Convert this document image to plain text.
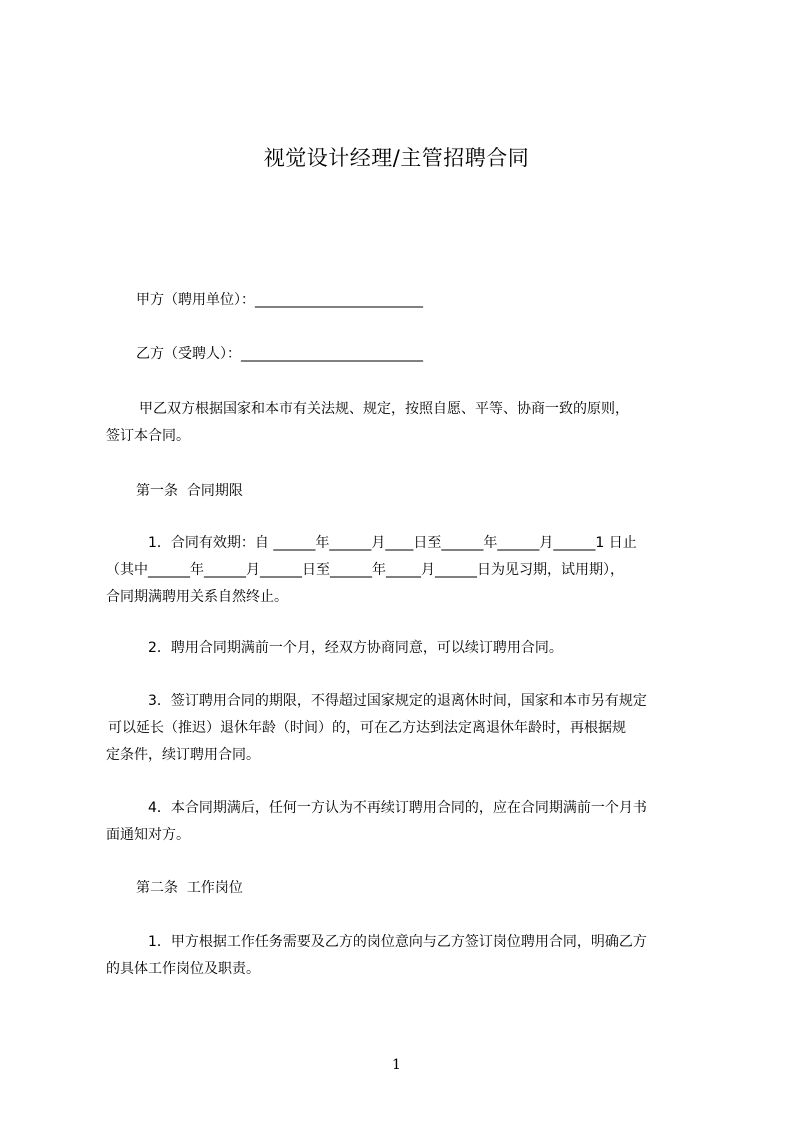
视觉设计经理/主管招聘合同
甲方（聘用单位）：________________________
乙方（受聘人）：__________________________
甲乙双方根据国家和本市有关法规、规定，按照自愿、平等、协商一致的原则，
签订本合同。
第一条  合同期限
1．合同有效期：自 ______年______月____日至______年______月______1 日止
（其中______年______月______日至______年_____月______日为见习期，试用期），
合同期满聘用关系自然终止。
2．聘用合同期满前一个月，经双方协商同意，可以续订聘用合同。
3．签订聘用合同的期限，不得超过国家规定的退离休时间，国家和本市另有规定
可以延长（推迟）退休年龄（时间）的，可在乙方达到法定离退休年龄时，再根据规
定条件，续订聘用合同。
4．本合同期满后，任何一方认为不再续订聘用合同的，应在合同期满前一个月书
面通知对方。
第二条  工作岗位
1．甲方根据工作任务需要及乙方的岗位意向与乙方签订岗位聘用合同，明确乙方
的具体工作岗位及职责。
1
